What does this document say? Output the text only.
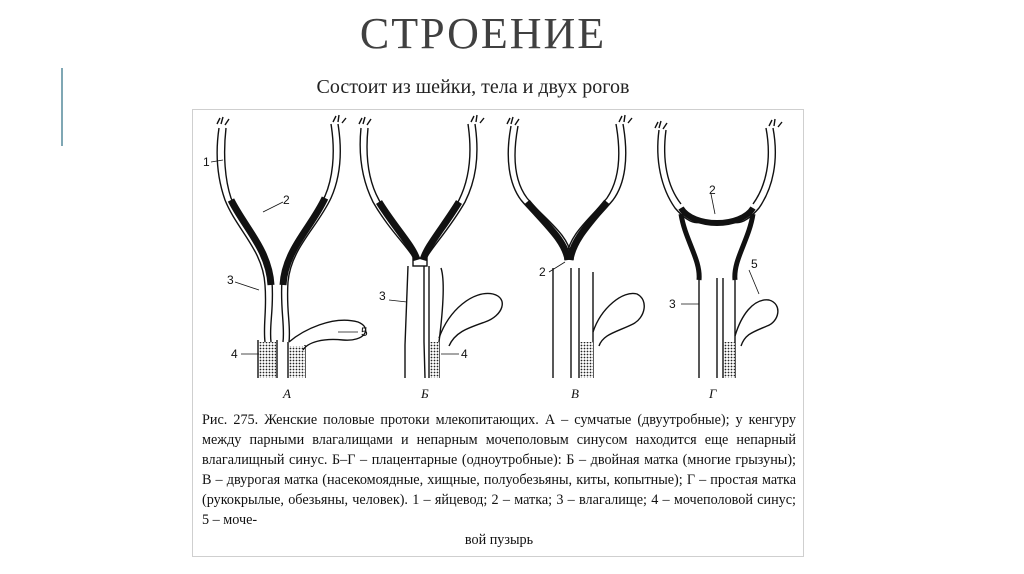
СТРОЕНИЕ
Состоит из шейки, тела и двух рогов
1
2
3
4
5
А
3
4
Б
2
В
2
3
5
Г
Рис. 275. Женские половые протоки млекопитающих. А – сумчатые (двуутробные); у кенгуру между парными влагалищами и непарным мочеполовым синусом находится еще непарный влагалищный синус. Б–Г – плацентарные (одноутробные): Б – двойная матка (многие грызуны); В – двурогая матка (насекомоядные, хищные, полуобезьяны, киты, копытные); Г – простая матка (рукокрылые, обезьяны, человек). 1 – яйцевод; 2 – матка; 3 – влагалище; 4 – мочеполовой синус; 5 – моче-
вой пузырь
